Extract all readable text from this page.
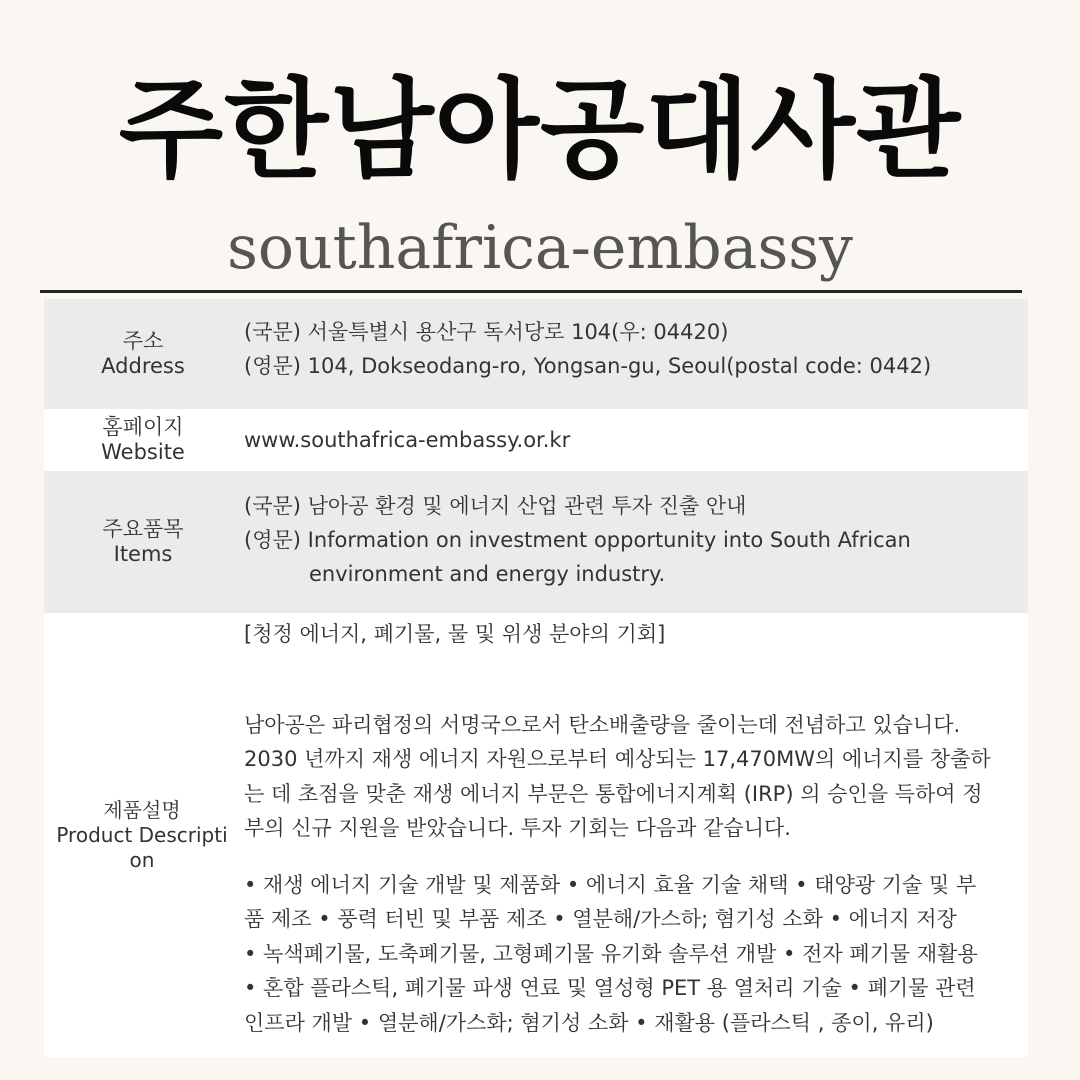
주한남아공대사관
southafrica-embassy
주소
Address
(국문) 서울특별시 용산구 독서당로 104(우: 04420)
(영문) 104, Dokseodang-ro, Yongsan-gu, Seoul(postal code: 0442)
홈페이지
Website	www.southafrica-embassy.or.kr
주요품목
Items
(국문) 남아공 환경 및 에너지 산업 관련 투자 진출 안내
(영문) Information on investment opportunity into South African
environment and energy industry.
제품설명
Product Descripti
on
[청정 에너지, 폐기물, 물 및 위생 분야의 기회]
남아공은 파리협정의 서명국으로서 탄소배출량을 줄이는데 전념하고 있습니다.
2030 년까지 재생 에너지 자원으로부터 예상되는 17,470MW의 에너지를 창출하
는 데 초점을 맞춘 재생 에너지 부문은 통합에너지계획 (IRP) 의 승인을 득하여 정
부의 신규 지원을 받았습니다. 투자 기회는 다음과 같습니다.
• 재생 에너지 기술 개발 및 제품화 • 에너지 효율 기술 채택 • 태양광 기술 및 부
품 제조 • 풍력 터빈 및 부품 제조 • 열분해/가스하; 혐기성 소화 • 에너지 저장
• 녹색폐기물, 도축폐기물, 고형폐기물 유기화 솔루션 개발 • 전자 폐기물 재활용
• 혼합 플라스틱, 폐기물 파생 연료 및 열성형 PET 용 열처리 기술 • 폐기물 관련
인프라 개발 • 열분해/가스화; 혐기성 소화 • 재활용 (플라스틱 , 종이, 유리)
